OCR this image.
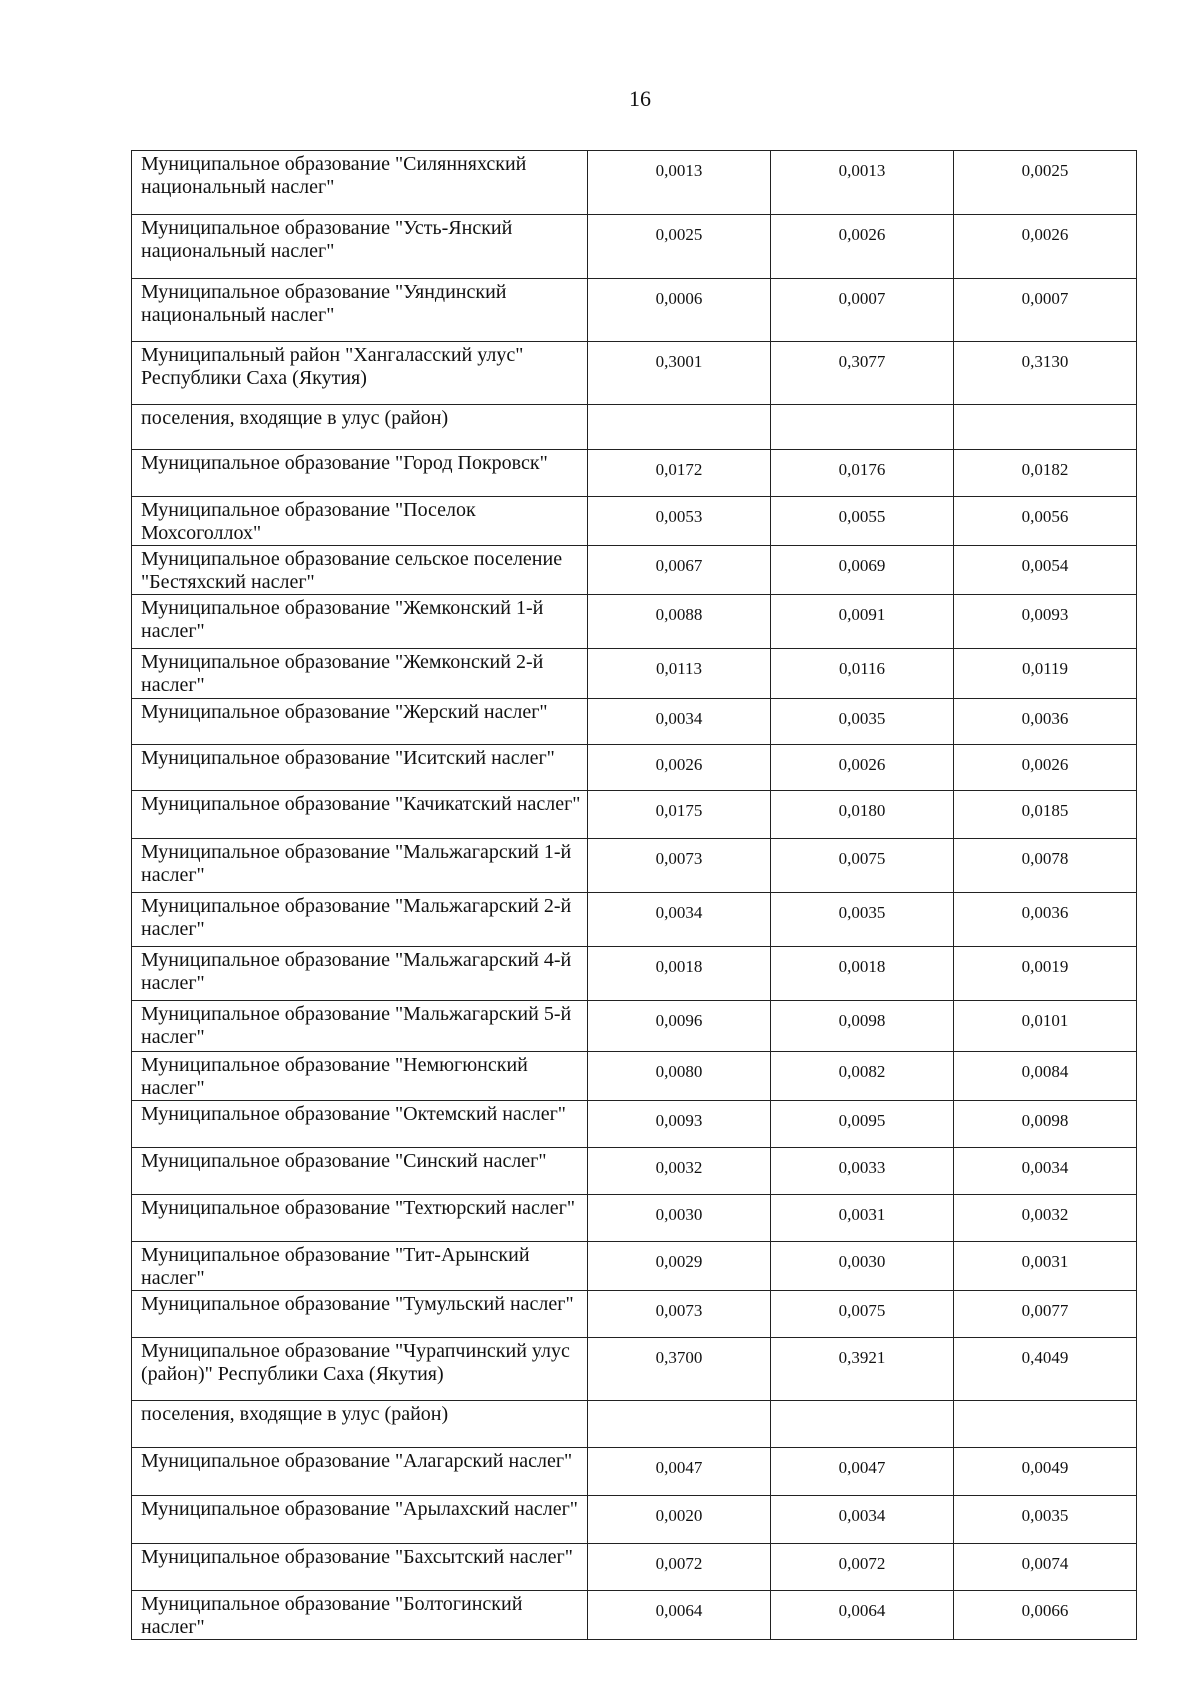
16
Муниципальное образование "Силянняхский национальный наслег"	0,0013	0,0013	0,0025
Муниципальное образование "Усть-Янский национальный наслег"	0,0025	0,0026	0,0026
Муниципальное образование "Уяндинский национальный наслег"	0,0006	0,0007	0,0007
Муниципальный район "Хангаласский улус" Республики Саха (Якутия)	0,3001	0,3077	0,3130
поселения, входящие в улус (район)			
Муниципальное образование "Город Покровск"	0,0172	0,0176	0,0182
Муниципальное образование "Поселок Мохсоголлох"	0,0053	0,0055	0,0056
Муниципальное образование сельское поселение "Бестяхский наслег"	0,0067	0,0069	0,0054
Муниципальное образование "Жемконский 1-й наслег"	0,0088	0,0091	0,0093
Муниципальное образование "Жемконский 2-й наслег"	0,0113	0,0116	0,0119
Муниципальное образование "Жерский наслег"	0,0034	0,0035	0,0036
Муниципальное образование "Иситский наслег"	0,0026	0,0026	0,0026
Муниципальное образование "Качикатский наслег"	0,0175	0,0180	0,0185
Муниципальное образование "Мальжагарский 1-й наслег"	0,0073	0,0075	0,0078
Муниципальное образование "Мальжагарский 2-й наслег"	0,0034	0,0035	0,0036
Муниципальное образование "Мальжагарский 4-й наслег"	0,0018	0,0018	0,0019
Муниципальное образование "Мальжагарский 5-й наслег"	0,0096	0,0098	0,0101
Муниципальное образование "Немюгюнский наслег"	0,0080	0,0082	0,0084
Муниципальное образование "Октемский наслег"	0,0093	0,0095	0,0098
Муниципальное образование "Синский наслег"	0,0032	0,0033	0,0034
Муниципальное образование "Техтюрский наслег"	0,0030	0,0031	0,0032
Муниципальное образование "Тит-Арынский наслег"	0,0029	0,0030	0,0031
Муниципальное образование "Тумульский наслег"	0,0073	0,0075	0,0077
Муниципальное образование "Чурапчинский улус (район)" Республики Саха (Якутия)	0,3700	0,3921	0,4049
поселения, входящие в улус (район)			
Муниципальное образование "Алагарский наслег"	0,0047	0,0047	0,0049
Муниципальное образование "Арылахский наслег"	0,0020	0,0034	0,0035
Муниципальное образование "Бахсытский наслег"	0,0072	0,0072	0,0074
Муниципальное образование "Болтогинский наслег"	0,0064	0,0064	0,0066
